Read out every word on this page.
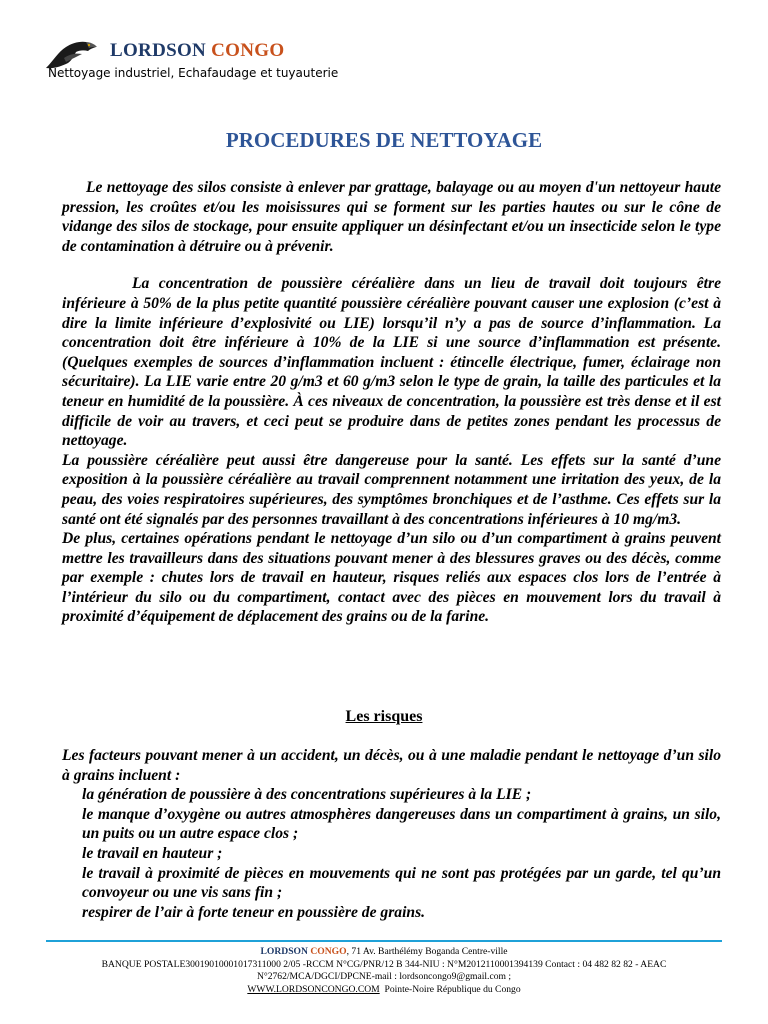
LORDSON CONGO
Nettoyage industriel, Echafaudage et tuyauterie
PROCEDURES DE NETTOYAGE

Le nettoyage des silos consiste à enlever par grattage, balayage ou au moyen d'un nettoyeur haute pression, les croûtes et/ou les moisissures qui se forment sur les parties hautes ou sur le cône de vidange des silos de stockage, pour ensuite appliquer un désinfectant et/ou un insecticide selon le type de contamination à détruire ou à prévenir.

La concentration de poussière céréalière dans un lieu de travail doit toujours être inférieure à 50% de la plus petite quantité poussière céréalière pouvant causer une explosion (c’est à dire la limite inférieure d’explosivité ou LIE) lorsqu’il n’y a pas de source d’inflammation. La concentration doit être inférieure à 10% de la LIE si une source d’inflammation est présente. (Quelques exemples de sources d’inflammation incluent : étincelle électrique, fumer, éclairage non sécuritaire). La LIE varie entre 20 g/m3 et 60 g/m3 selon le type de grain, la taille des particules et la teneur en humidité de la poussière. À ces niveaux de concentration, la poussière est très dense et il est difficile de voir au travers, et ceci peut se produire dans de petites zones pendant les processus de nettoyage.

La poussière céréalière peut aussi être dangereuse pour la santé. Les effets sur la santé d’une exposition à la poussière céréalière au travail comprennent notamment une irritation des yeux, de la peau, des voies respiratoires supérieures, des symptômes bronchiques et de l’asthme. Ces effets sur la santé ont été signalés par des personnes travaillant à des concentrations inférieures à 10 mg/m3.

De plus, certaines opérations pendant le nettoyage d’un silo ou d’un compartiment à grains peuvent mettre les travailleurs dans des situations pouvant mener à des blessures graves ou des décès, comme par exemple : chutes lors de travail en hauteur, risques reliés aux espaces clos lors de l’entrée à l’intérieur du silo ou du compartiment, contact avec des pièces en mouvement lors du travail à proximité d’équipement de déplacement des grains ou de la farine.

Les risques

Les facteurs pouvant mener à un accident, un décès, ou à une maladie pendant le nettoyage d’un silo à grains incluent :

la génération de poussière à des concentrations supérieures à la LIE ;

le manque d’oxygène ou autres atmosphères dangereuses dans un compartiment à grains, un silo, un puits ou un autre espace clos ;

le travail en hauteur ;

le travail à proximité de pièces en mouvements qui ne sont pas protégées par un garde, tel qu’un convoyeur ou une vis sans fin ;

respirer de l’air à forte teneur en poussière de grains.

LORDSON CONGO, 71 Av. Barthélémy Boganda Centre-ville
BANQUE POSTALE30019010001017311000 2/05 -RCCM N°CG/PNR/12 B 344-NIU : N°M2012110001394139 Contact : 04 482 82 82 - AEAC
N°2762/MCA/DGCI/DPCNE-mail : lordsoncongo9@gmail.com ;
WWW.LORDSONCONGO.COM Pointe-Noire République du Congo
